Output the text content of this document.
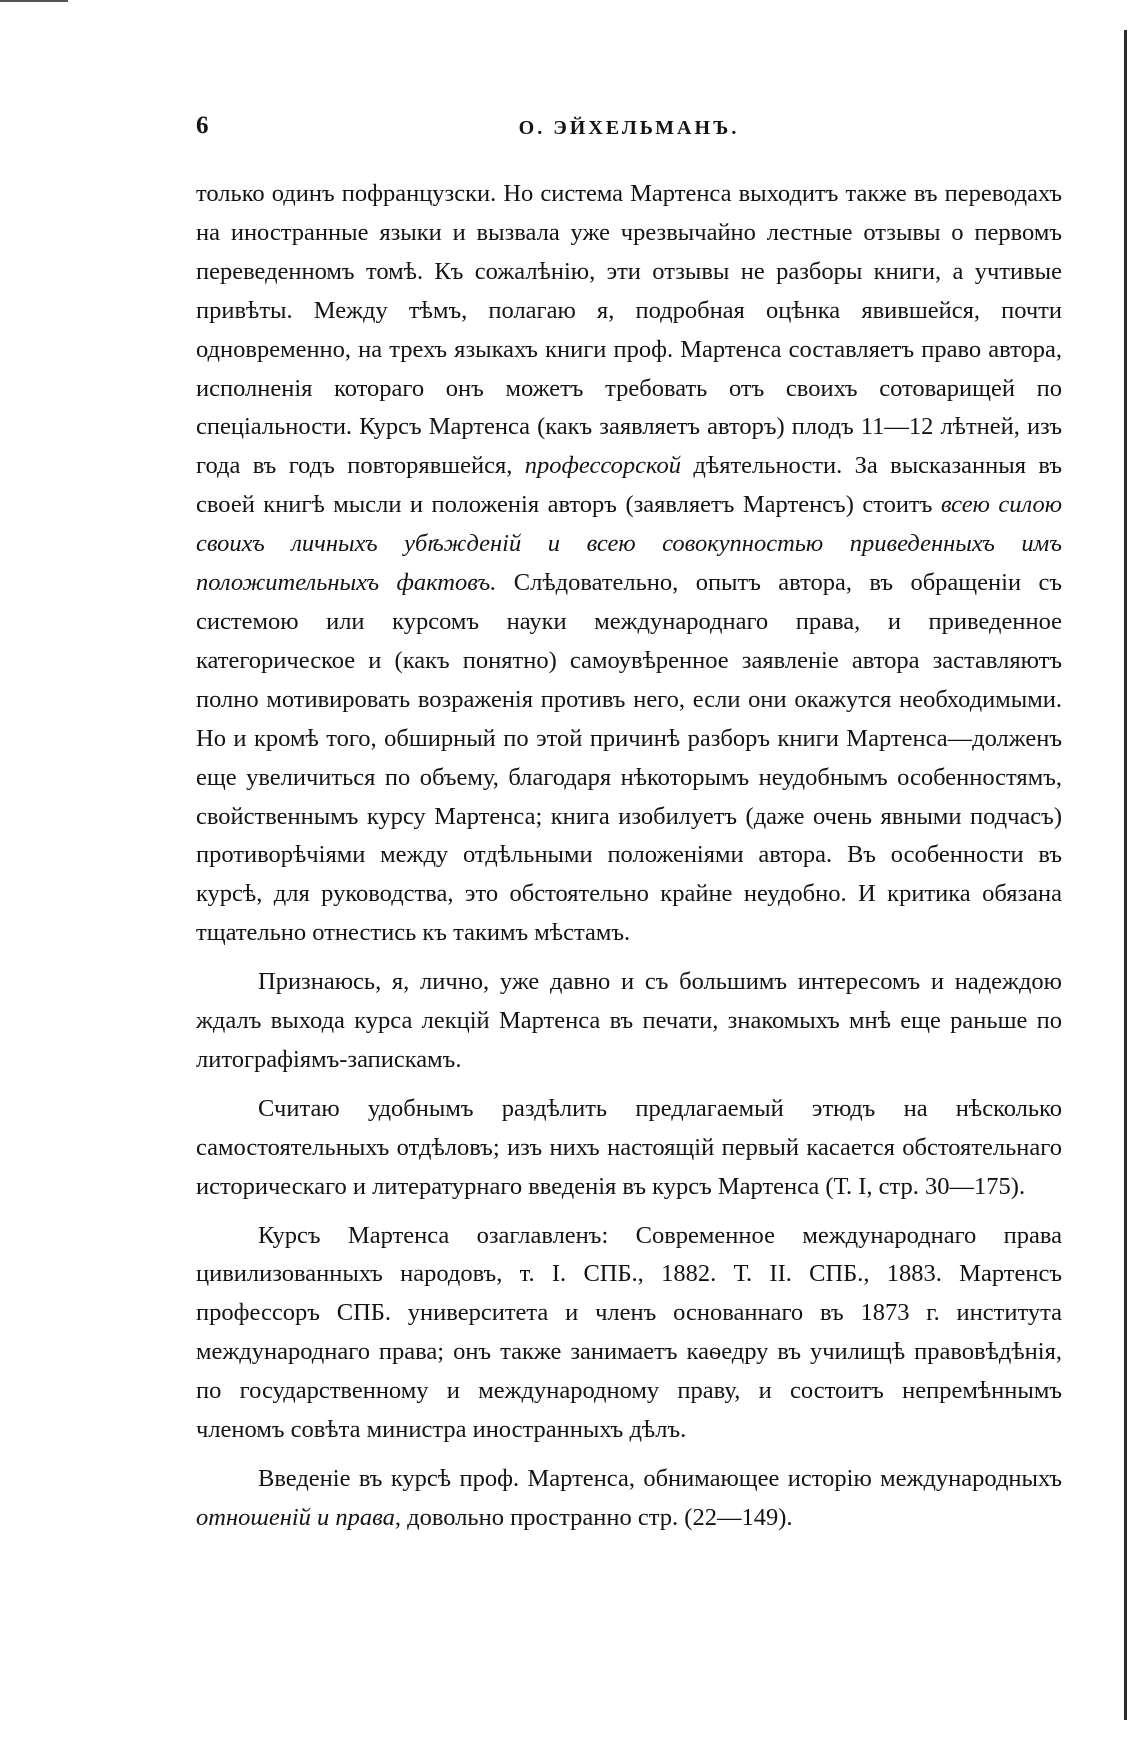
6	О. ЭЙХЕЛЬМАНЪ.

только одинъ пофранцузски. Но система Мартенса выходитъ также въ переводахъ на иностранные языки и вызвала уже чрезвычайно лестные отзывы о первомъ переведенномъ томѣ. Къ сожалѣнію, эти отзывы не разборы книги, а учтивые привѣты. Между тѣмъ, полагаю я, подробная оцѣнка явившейся, почти одновременно, на трехъ языкахъ книги проф. Мартенса составляетъ право автора, исполненія котораго онъ можетъ требовать отъ своихъ сотоварищей по спеціальности. Курсъ Мартенса (какъ заявляетъ авторъ) плодъ 11—12 лѣтней, изъ года въ годъ повторявшейся, профессорской дѣятельности. За высказанныя въ своей книгѣ мысли и положенія авторъ (заявляетъ Мартенсъ) стоитъ всею силою своихъ личныхъ убѣжденій и всею совокупностью приведенныхъ имъ положительныхъ фактовъ. Слѣдовательно, опытъ автора, въ обращеніи съ системою или курсомъ науки международнаго права, и приведенное категорическое и (какъ понятно) самоувѣренное заявленіе автора заставляютъ полно мотивировать возраженія противъ него, если они окажутся необходимыми. Но и кромѣ того, обширный по этой причинѣ разборъ книги Мартенса—долженъ еще увеличиться по объему, благодаря нѣкоторымъ неудобнымъ особенностямъ, свойственнымъ курсу Мартенса; книга изобилуетъ (даже очень явными подчасъ) противорѣчіями между отдѣльными положеніями автора. Въ особенности въ курсѣ, для руководства, это обстоятельно крайне неудобно. И критика обязана тщательно отнестись къ такимъ мѣстамъ.

Признаюсь, я, лично, уже давно и съ большимъ интересомъ и надеждою ждалъ выхода курса лекцій Мартенса въ печати, знакомыхъ мнѣ еще раньше по литографіямъ-запискамъ.

Считаю удобнымъ раздѣлить предлагаемый этюдъ на нѣсколько самостоятельныхъ отдѣловъ; изъ нихъ настоящій первый касается обстоятельнаго историческаго и литературнаго введенія въ курсъ Мартенса (Т. I, стр. 30—175).

Курсъ Мартенса озаглавленъ: Современное международнаго права цивилизованныхъ народовъ, т. I. СПБ., 1882. Т. II. СПБ., 1883. Мартенсъ профессоръ СПБ. университета и членъ основаннаго въ 1873 г. института международнаго права; онъ также занимаетъ каѳедру въ училищѣ правовѣдѣнія, по государственному и международному праву, и состоитъ непремѣннымъ членомъ совѣта министра иностранныхъ дѣлъ.

Введеніе въ курсѣ проф. Мартенса, обнимающее исторію международныхъ отношеній и права, довольно пространно стр. (22—149).
